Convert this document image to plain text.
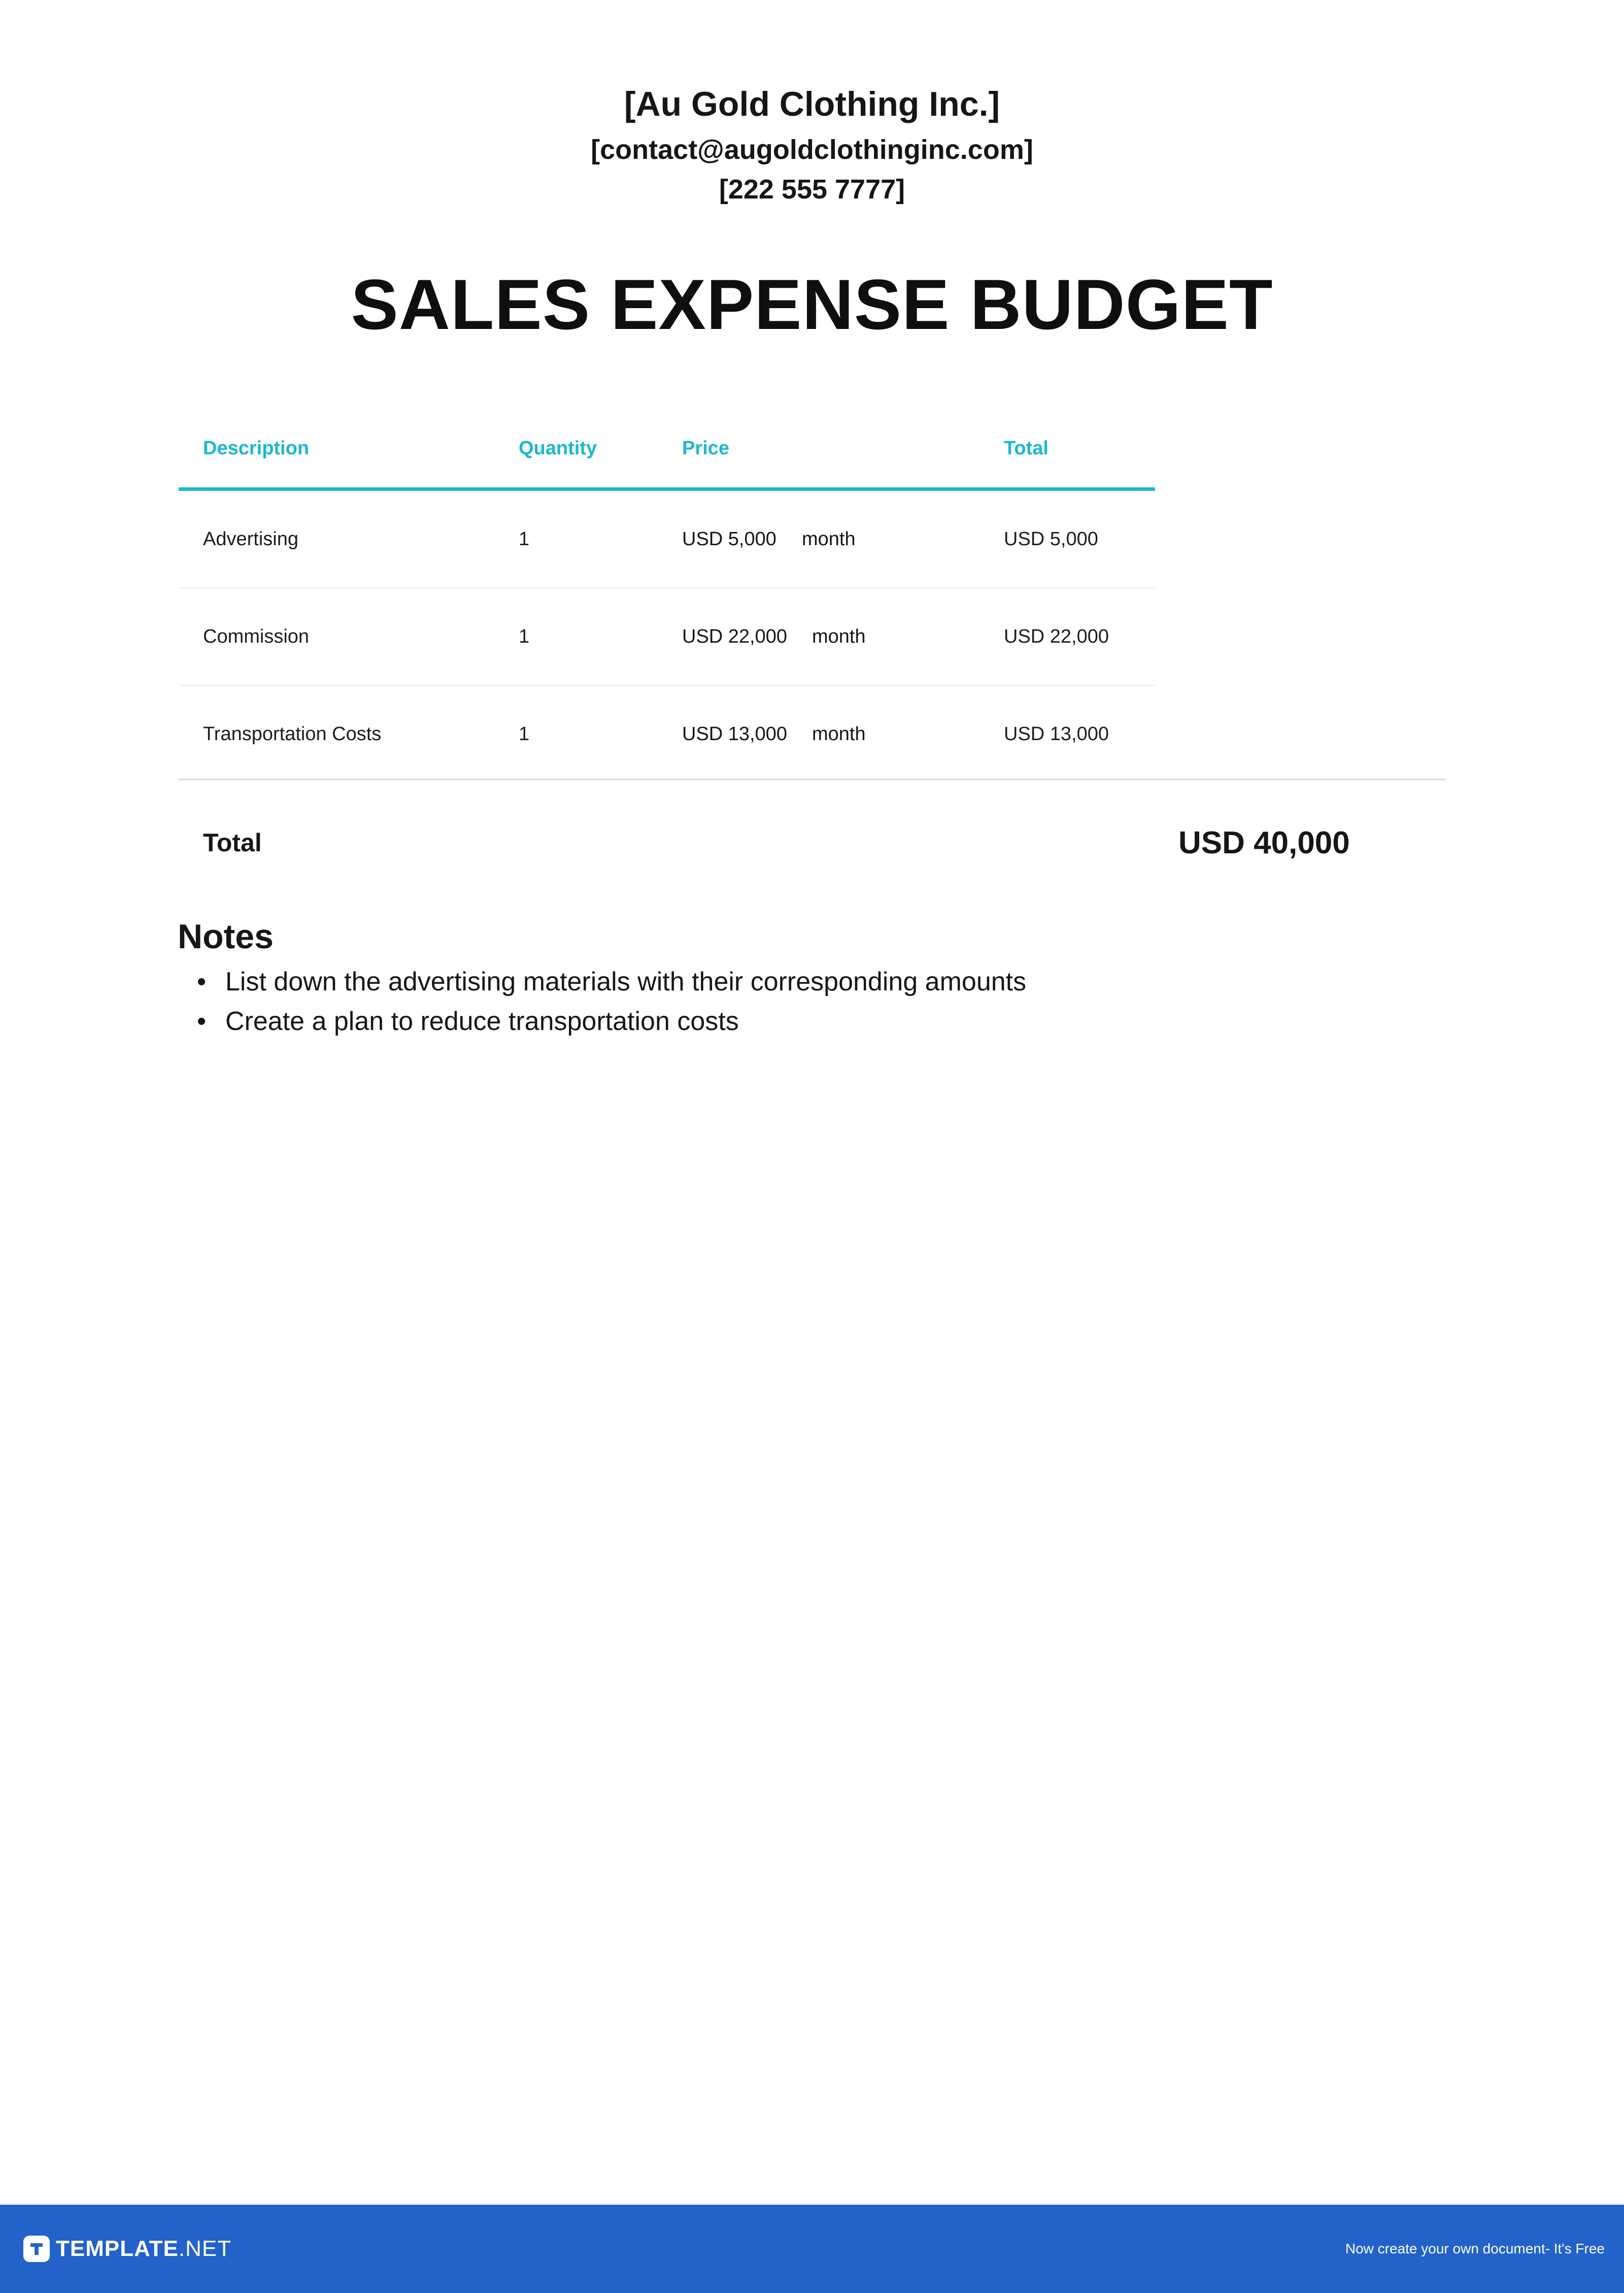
[Au Gold Clothing Inc.]
[contact@augoldclothinginc.com]
[222 555 7777]
SALES EXPENSE BUDGET
Description	Quantity	Price	Total
Advertising	1	USD 5,000 month	USD 5,000
Commission	1	USD 22,000 month	USD 22,000
Transportation Costs	1	USD 13,000 month	USD 13,000
Total	USD 40,000
Notes
• List down the advertising materials with their corresponding amounts
• Create a plan to reduce transportation costs
TEMPLATE.NET	Now create your own document- It's Free
